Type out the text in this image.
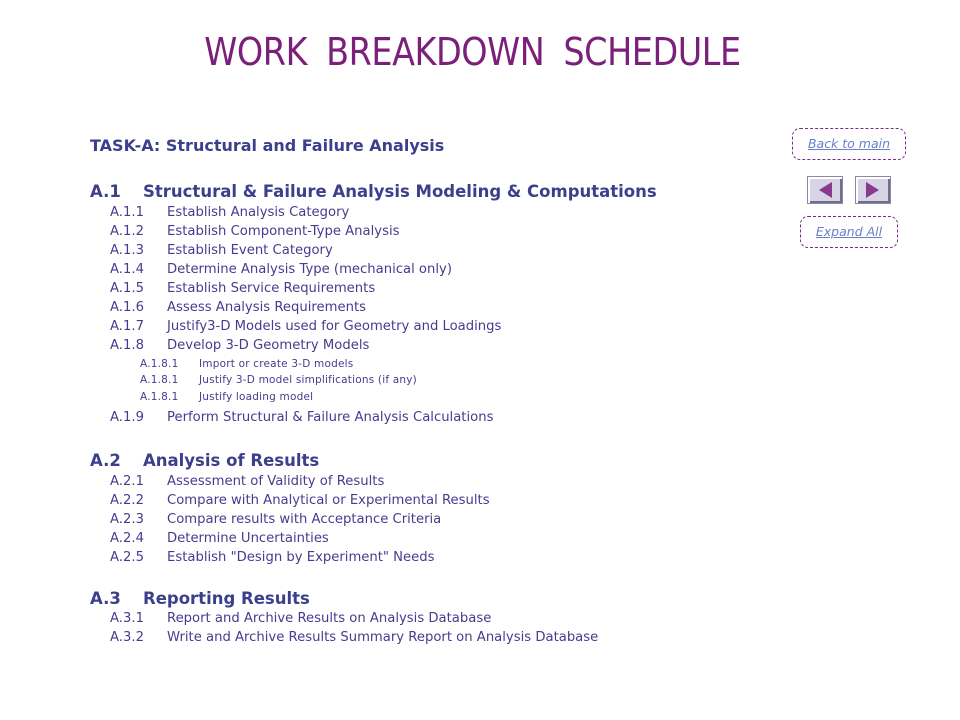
WORK BREAKDOWN SCHEDULE
TASK-A: Structural and Failure Analysis
A.1 Structural & Failure Analysis Modeling & Computations
A.1.1 Establish Analysis Category
A.1.2 Establish Component-Type Analysis
A.1.3 Establish Event Category
A.1.4 Determine Analysis Type (mechanical only)
A.1.5 Establish Service Requirements
A.1.6 Assess Analysis Requirements
A.1.7 Justify3-D Models used for Geometry and Loadings
A.1.8 Develop 3-D Geometry Models
A.1.8.1 Import or create 3-D models
A.1.8.1 Justify 3-D model simplifications (if any)
A.1.8.1 Justify loading model
A.1.9 Perform Structural & Failure Analysis Calculations
A.2 Analysis of Results
A.2.1 Assessment of Validity of Results
A.2.2 Compare with Analytical or Experimental Results
A.2.3 Compare results with Acceptance Criteria
A.2.4 Determine Uncertainties
A.2.5 Establish "Design by Experiment" Needs
A.3 Reporting Results
A.3.1 Report and Archive Results on Analysis Database
A.3.2 Write and Archive Results Summary Report on Analysis Database
Back to main
Expand All
